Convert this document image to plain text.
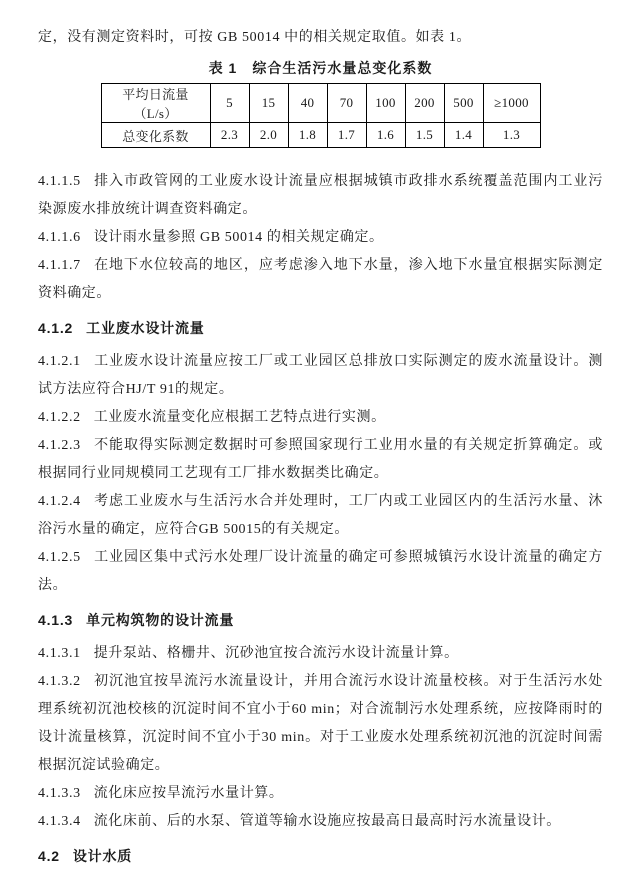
定，没有测定资料时，可按 GB 50014 中的相关规定取值。如表 1。

表 1　综合生活污水量总变化系数

平均日流量（L/s）	5	15	40	70	100	200	500	≥1000
总变化系数	2.3	2.0	1.8	1.7	1.6	1.5	1.4	1.3

4.1.1.5 排入市政管网的工业废水设计流量应根据城镇市政排水系统覆盖范围内工业污染源废水排放统计调查资料确定。

4.1.1.6 设计雨水量参照 GB 50014 的相关规定确定。

4.1.1.7 在地下水位较高的地区，应考虑渗入地下水量，渗入地下水量宜根据实际测定资料确定。

4.1.2 工业废水设计流量

4.1.2.1 工业废水设计流量应按工厂或工业园区总排放口实际测定的废水流量设计。测试方法应符合HJ/T 91的规定。

4.1.2.2 工业废水流量变化应根据工艺特点进行实测。

4.1.2.3 不能取得实际测定数据时可参照国家现行工业用水量的有关规定折算确定。或根据同行业同规模同工艺现有工厂排水数据类比确定。

4.1.2.4 考虑工业废水与生活污水合并处理时，工厂内或工业园区内的生活污水量、沐浴污水量的确定，应符合GB 50015的有关规定。

4.1.2.5 工业园区集中式污水处理厂设计流量的确定可参照城镇污水设计流量的确定方法。

4.1.3 单元构筑物的设计流量

4.1.3.1 提升泵站、格栅井、沉砂池宜按合流污水设计流量计算。

4.1.3.2 初沉池宜按旱流污水流量设计，并用合流污水设计流量校核。对于生活污水处理系统初沉池校核的沉淀时间不宜小于60 min；对合流制污水处理系统，应按降雨时的设计流量核算，沉淀时间不宜小于30 min。对于工业废水处理系统初沉池的沉淀时间需根据沉淀试验确定。

4.1.3.3 流化床应按旱流污水量计算。

4.1.3.4 流化床前、后的水泵、管道等输水设施应按最高日最高时污水流量设计。

4.2 设计水质
